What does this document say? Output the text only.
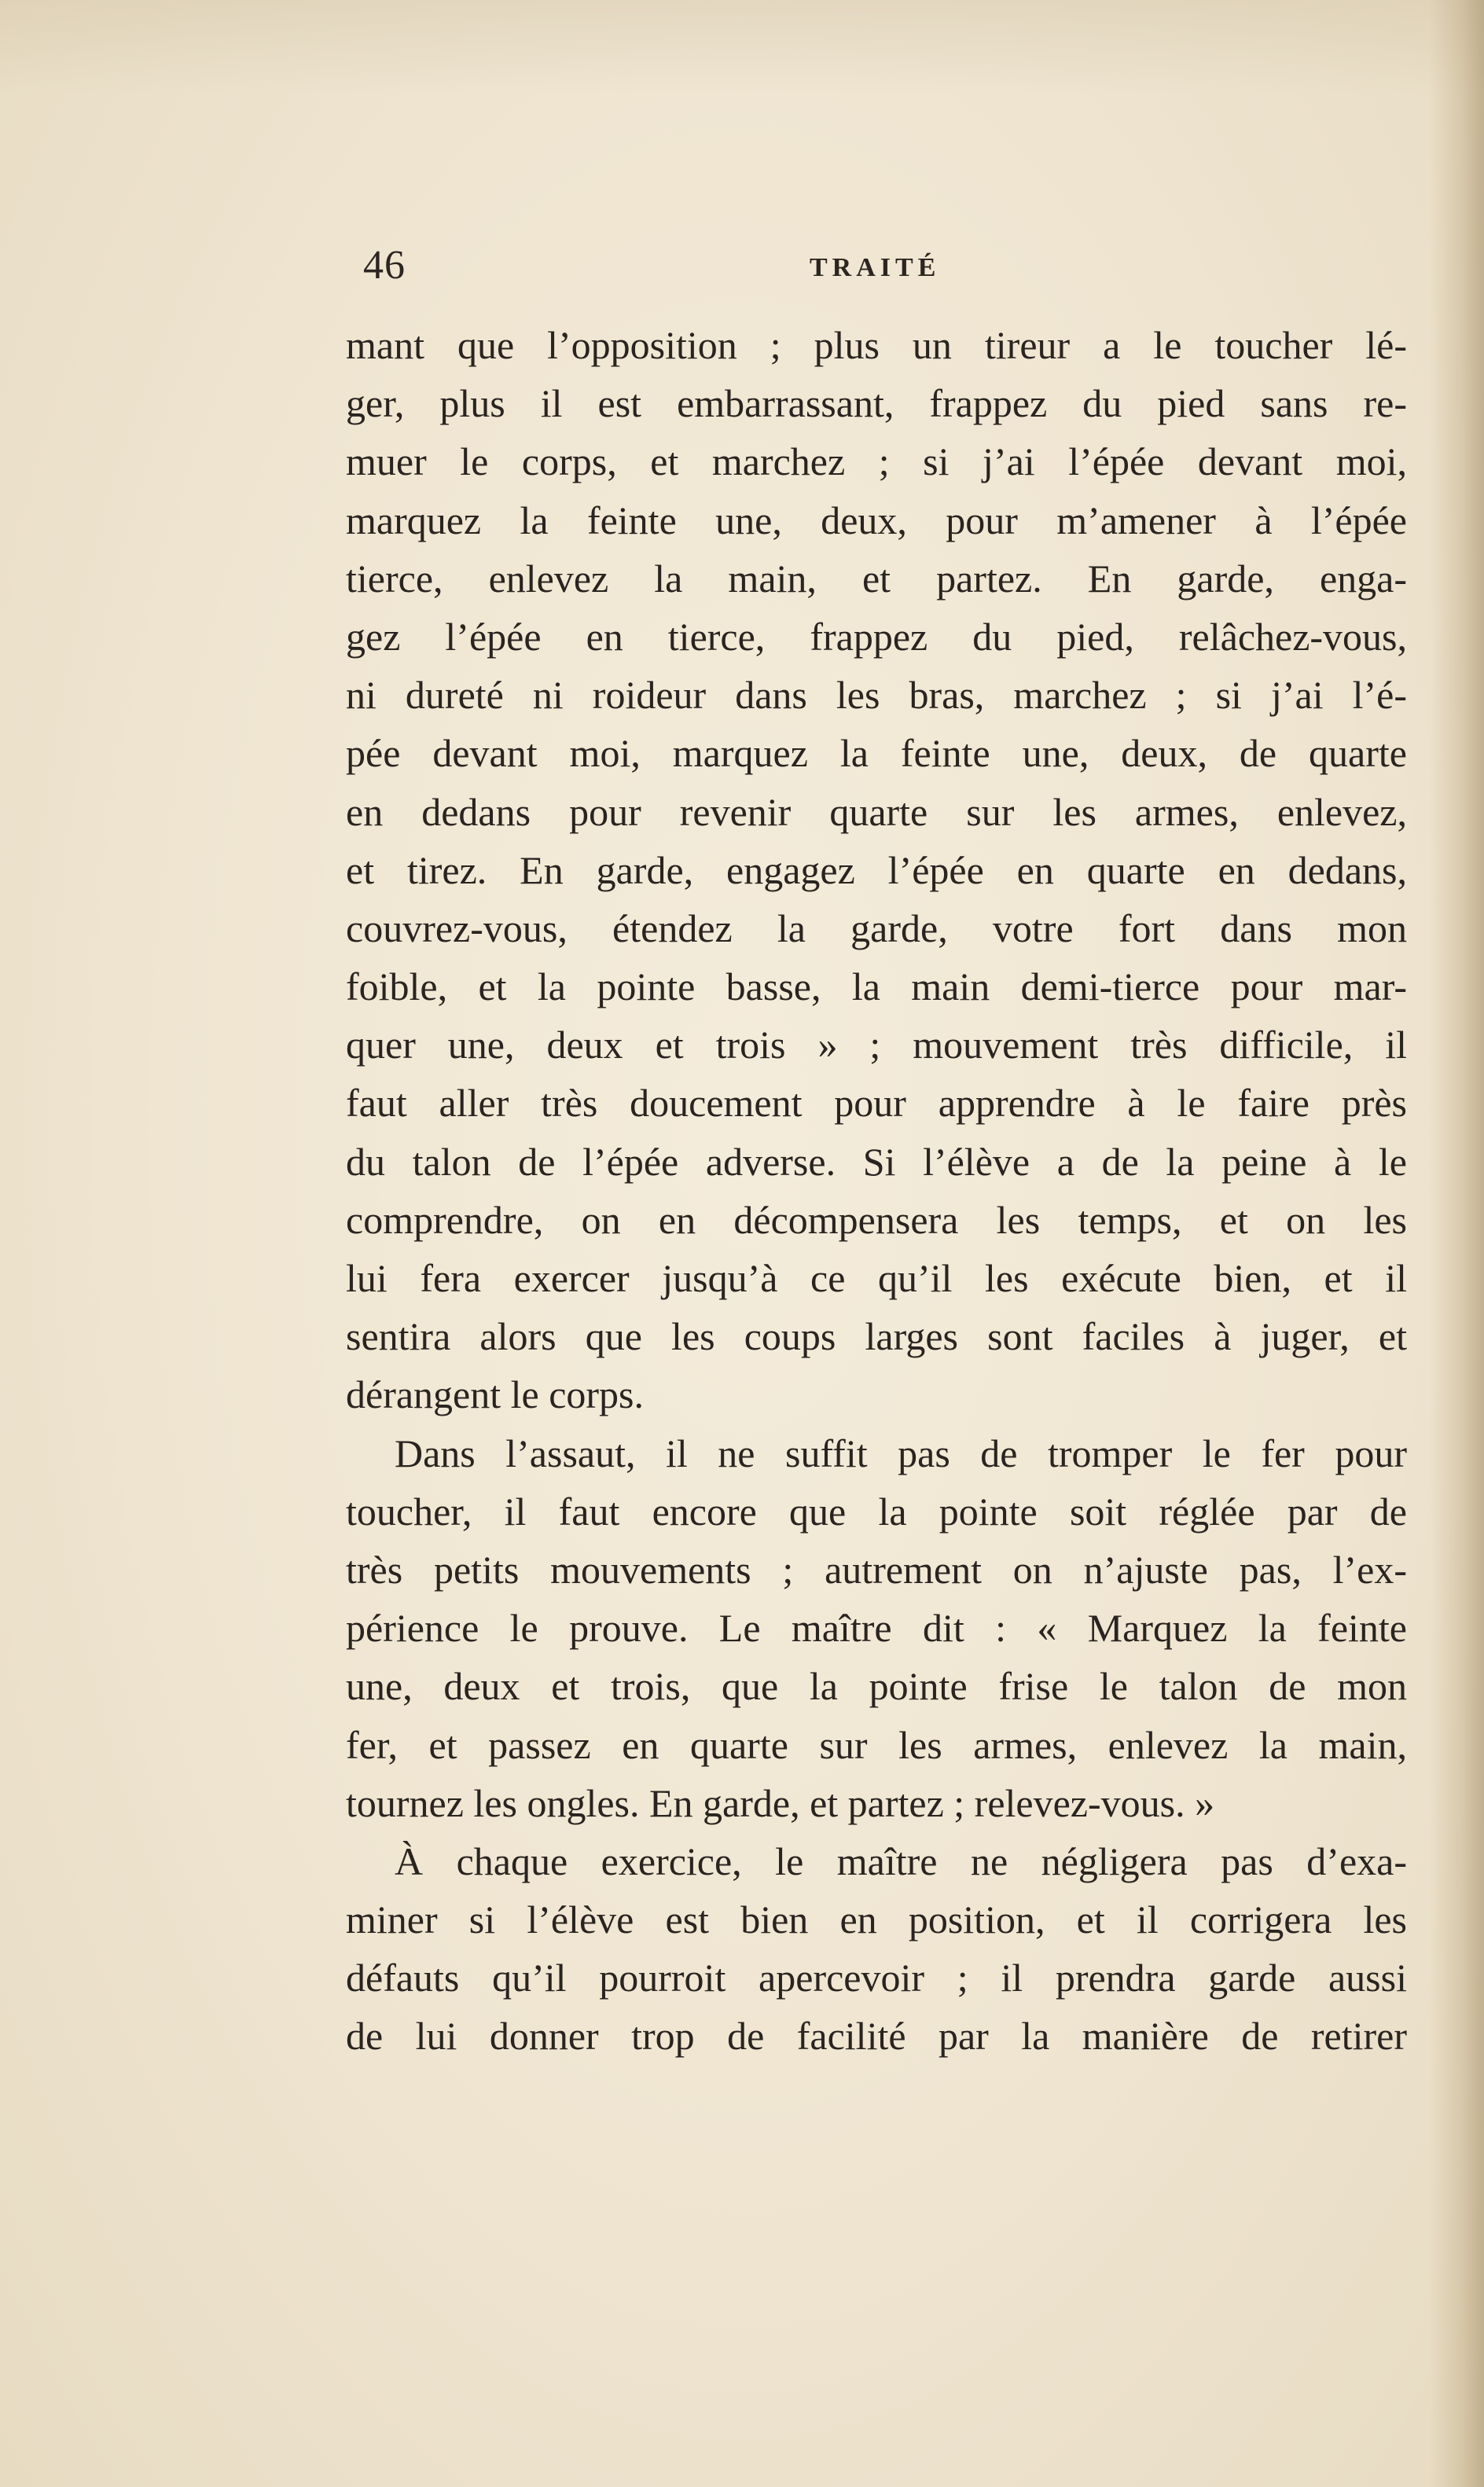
46	TRAITÉ
mant que l’opposition ; plus un tireur a le toucher lé-
ger, plus il est embarrassant, frappez du pied sans re-
muer le corps, et marchez ; si j’ai l’épée devant moi,
marquez la feinte une, deux, pour m’amener à l’épée
tierce, enlevez la main, et partez. En garde, enga-
gez l’épée en tierce, frappez du pied, relâchez-vous,
ni dureté ni roideur dans les bras, marchez ; si j’ai l’é-
pée devant moi, marquez la feinte une, deux, de quarte
en dedans pour revenir quarte sur les armes, enlevez,
et tirez. En garde, engagez l’épée en quarte en dedans,
couvrez-vous, étendez la garde, votre fort dans mon
foible, et la pointe basse, la main demi-tierce pour mar-
quer une, deux et trois » ; mouvement très difficile, il
faut aller très doucement pour apprendre à le faire près
du talon de l’épée adverse. Si l’élève a de la peine à le
comprendre, on en décompensera les temps, et on les
lui fera exercer jusqu’à ce qu’il les exécute bien, et il
sentira alors que les coups larges sont faciles à juger, et
dérangent le corps.
Dans l’assaut, il ne suffit pas de tromper le fer pour
toucher, il faut encore que la pointe soit réglée par de
très petits mouvements ; autrement on n’ajuste pas, l’ex-
périence le prouve. Le maître dit : « Marquez la feinte
une, deux et trois, que la pointe frise le talon de mon
fer, et passez en quarte sur les armes, enlevez la main,
tournez les ongles. En garde, et partez ; relevez-vous. »
À chaque exercice, le maître ne négligera pas d’exa-
miner si l’élève est bien en position, et il corrigera les
défauts qu’il pourroit apercevoir ; il prendra garde aussi
de lui donner trop de facilité par la manière de retirer
